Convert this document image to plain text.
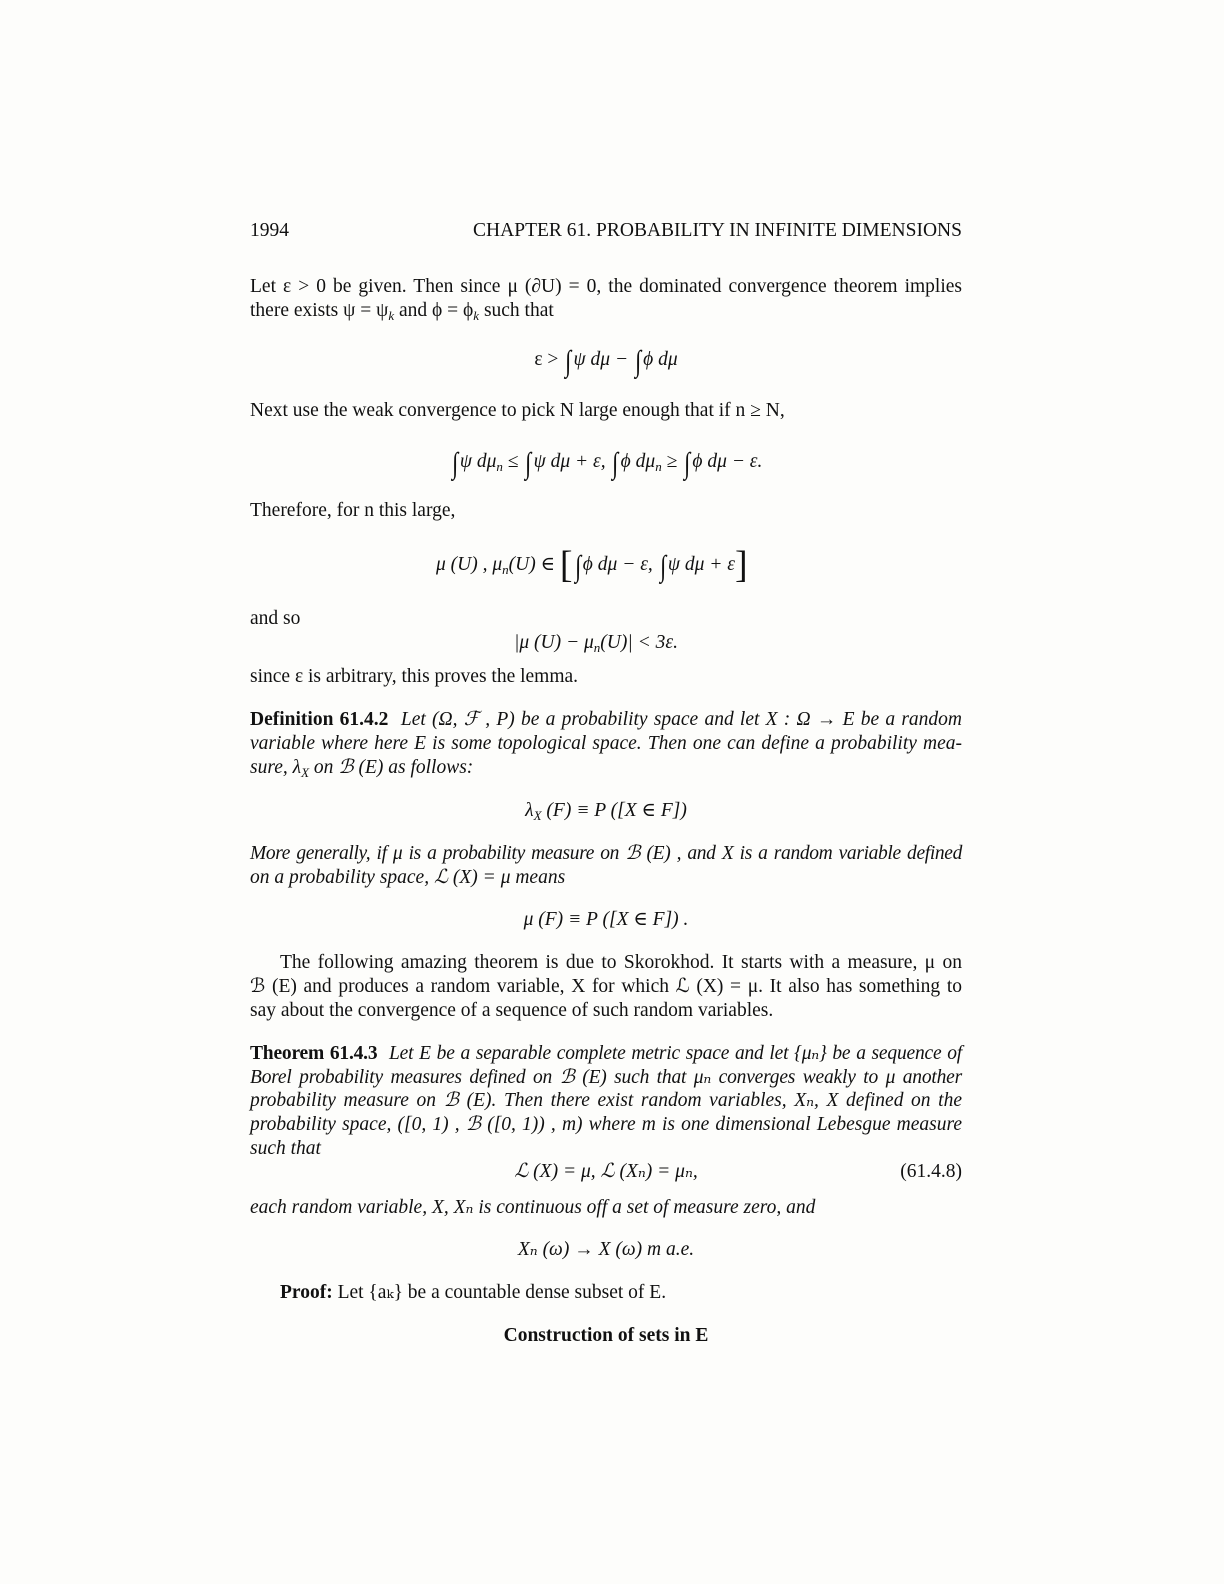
1994	CHAPTER 61. PROBABILITY IN INFINITE DIMENSIONS
Let ε > 0 be given. Then since μ (∂U) = 0, the dominated convergence theorem implies
there exists $\psi = \psi_k$ and $\phi = \phi_k$ such that
ε > ∫ ψ dμ − ∫ ϕ dμ
Next use the weak convergence to pick N large enough that if n ≥ N,
∫ ψ $d\mu_n$ ≤ ∫ ψ dμ + ε, ∫ ϕ $d\mu_n$ ≥ ∫ ϕ dμ − ε.
Therefore, for n this large,
μ (U) , $\mu_n(U)$ ∈ [∫ ϕ dμ − ε, ∫ ψ dμ + ε]
and so
|μ $(U) - \mu_n(U)| < 3\varepsilon$.
since ε is arbitrary, this proves the lemma.
Definition 61.4.2 Let (Ω, ℱ , P) be a probability space and let X : Ω → E be a random
variable where here E is some topological space. Then one can define a probability mea-
sure, $\lambda_X$ on ℬ (E) as follows:
$\lambda_X$ (F) ≡ P ([X ∈ F])
More generally, if μ is a probability measure on ℬ (E) , and X is a random variable defined
on a probability space, ℒ (X) = μ means
μ (F) ≡ P ([X ∈ F]) .
The following amazing theorem is due to Skorokhod. It starts with a measure, μ on
ℬ (E) and produces a random variable, X for which ℒ (X) = μ. It also has something to
say about the convergence of a sequence of such random variables.
Theorem 61.4.3 Let E be a separable complete metric space and let {μₙ} be a sequence of
Borel probability measures defined on ℬ (E) such that μₙ converges weakly to μ another
probability measure on ℬ (E). Then there exist random variables, Xₙ, X defined on the
probability space, ([0, 1) , ℬ ([0, 1)) , m) where m is one dimensional Lebesgue measure
such that
ℒ (X) = μ, ℒ (Xₙ) = μₙ,	(61.4.8)
each random variable, X, Xₙ is continuous off a set of measure zero, and
Xₙ (ω) → X (ω) m a.e.
Proof: Let {aₖ} be a countable dense subset of E.
Construction of sets in E
